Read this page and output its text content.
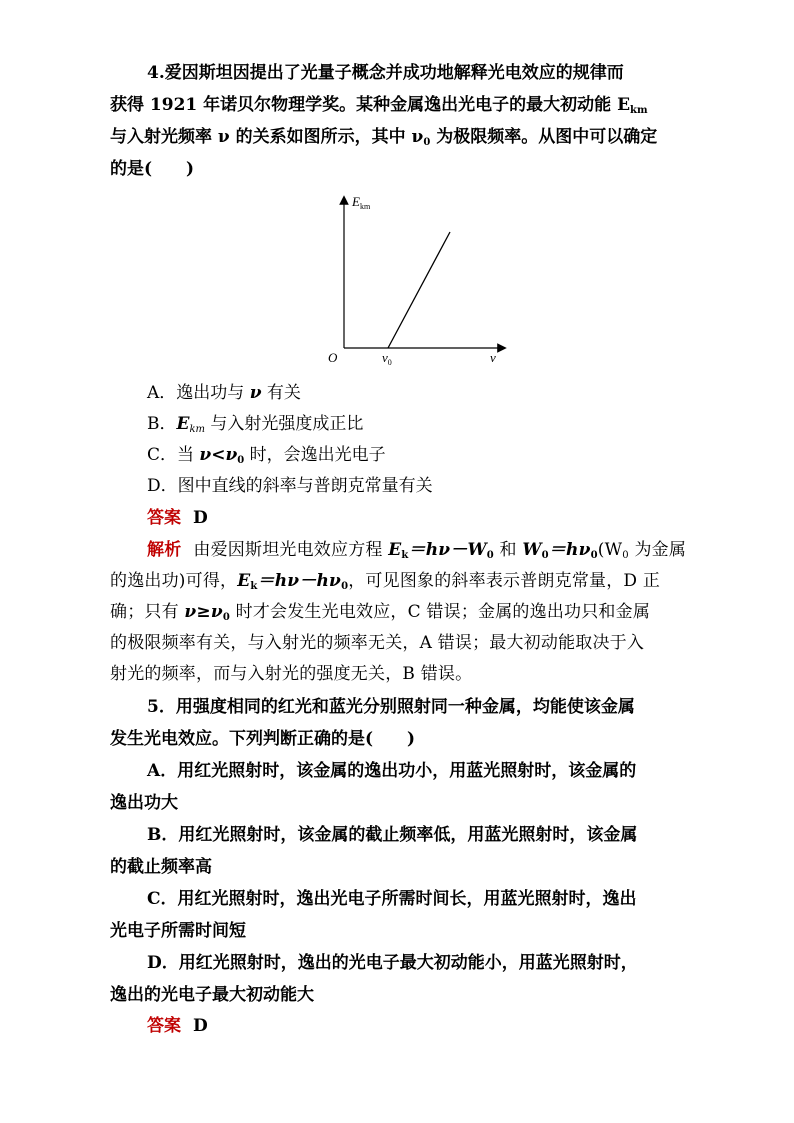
4.爱因斯坦因提出了光量子概念并成功地解释光电效应的规律而
获得 1921 年诺贝尔物理学奖。某种金属逸出光电子的最大初动能 $E_{km}$
与入射光频率 ν 的关系如图所示，其中 $\nu_0$ 为极限频率。从图中可以确定
的是(　　)
$E_{km}$
O	$\nu_0$	ν
A．逸出功与 ν 有关
B．$E_{km}$ 与入射光强度成正比
C．当 $\nu<\nu_0$ 时，会逸出光电子
D．图中直线的斜率与普朗克常量有关
答案 D
解析 由爱因斯坦光电效应方程 $E_k=h\nu-W_0$ 和 $W_0=h\nu_0(W_0$ 为金属
的逸出功)可得，$E_k=h\nu-h\nu_0$，可见图象的斜率表示普朗克常量，D 正
确；只有 $\nu\ge\nu_0$ 时才会发生光电效应，C 错误；金属的逸出功只和金属
的极限频率有关，与入射光的频率无关，A 错误；最大初动能取决于入
射光的频率，而与入射光的强度无关，B 错误。
5．用强度相同的红光和蓝光分别照射同一种金属，均能使该金属
发生光电效应。下列判断正确的是(　　)
A．用红光照射时，该金属的逸出功小，用蓝光照射时，该金属的
逸出功大
B．用红光照射时，该金属的截止频率低，用蓝光照射时，该金属
的截止频率高
C．用红光照射时，逸出光电子所需时间长，用蓝光照射时，逸出
光电子所需时间短
D．用红光照射时，逸出的光电子最大初动能小，用蓝光照射时，
逸出的光电子最大初动能大
答案 D
